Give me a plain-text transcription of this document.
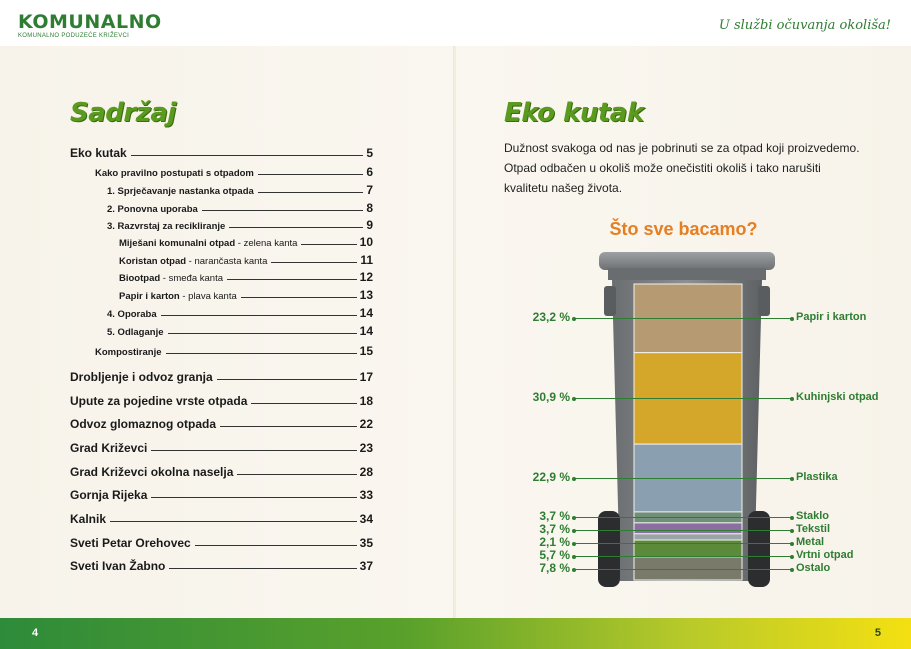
KOMUNALNO
KOMUNALNO PODUZEĆE KRIŽEVCI
U službi očuvanja okoliša!
Sadržaj
Eko kutak	5
Kako pravilno postupati s otpadom	6
1. Sprječavanje nastanka otpada	7
2. Ponovna uporaba	8
3. Razvrstaj za recikliranje	9
Miješani komunalni otpad - zelena kanta	10
Koristan otpad - narančasta kanta	11
Biootpad - smeđa kanta	12
Papir i karton - plava kanta	13
4. Oporaba	14
5. Odlaganje	14
Kompostiranje	15
Drobljenje i odvoz granja	17
Upute za pojedine vrste otpada	18
Odvoz glomaznog otpada	22
Grad Križevci	23
Grad Križevci okolna naselja	28
Gornja Rijeka	33
Kalnik	34
Sveti Petar Orehovec	35
Sveti Ivan Žabno	37
Eko kutak
Dužnost svakoga od nas je pobrinuti se za otpad koji proizvedemo. Otpad odbačen u okoliš može onečistiti okoliš i tako narušiti kvalitetu našeg života.
Što sve bacamo?
23,2 %	Papir i karton
30,9 %	Kuhinjski otpad
22,9 %	Plastika
3,7 %	Staklo
3,7 %	Tekstil
2,1 %	Metal
5,7 %	Vrtni otpad
7,8 %	Ostalo
4	5
